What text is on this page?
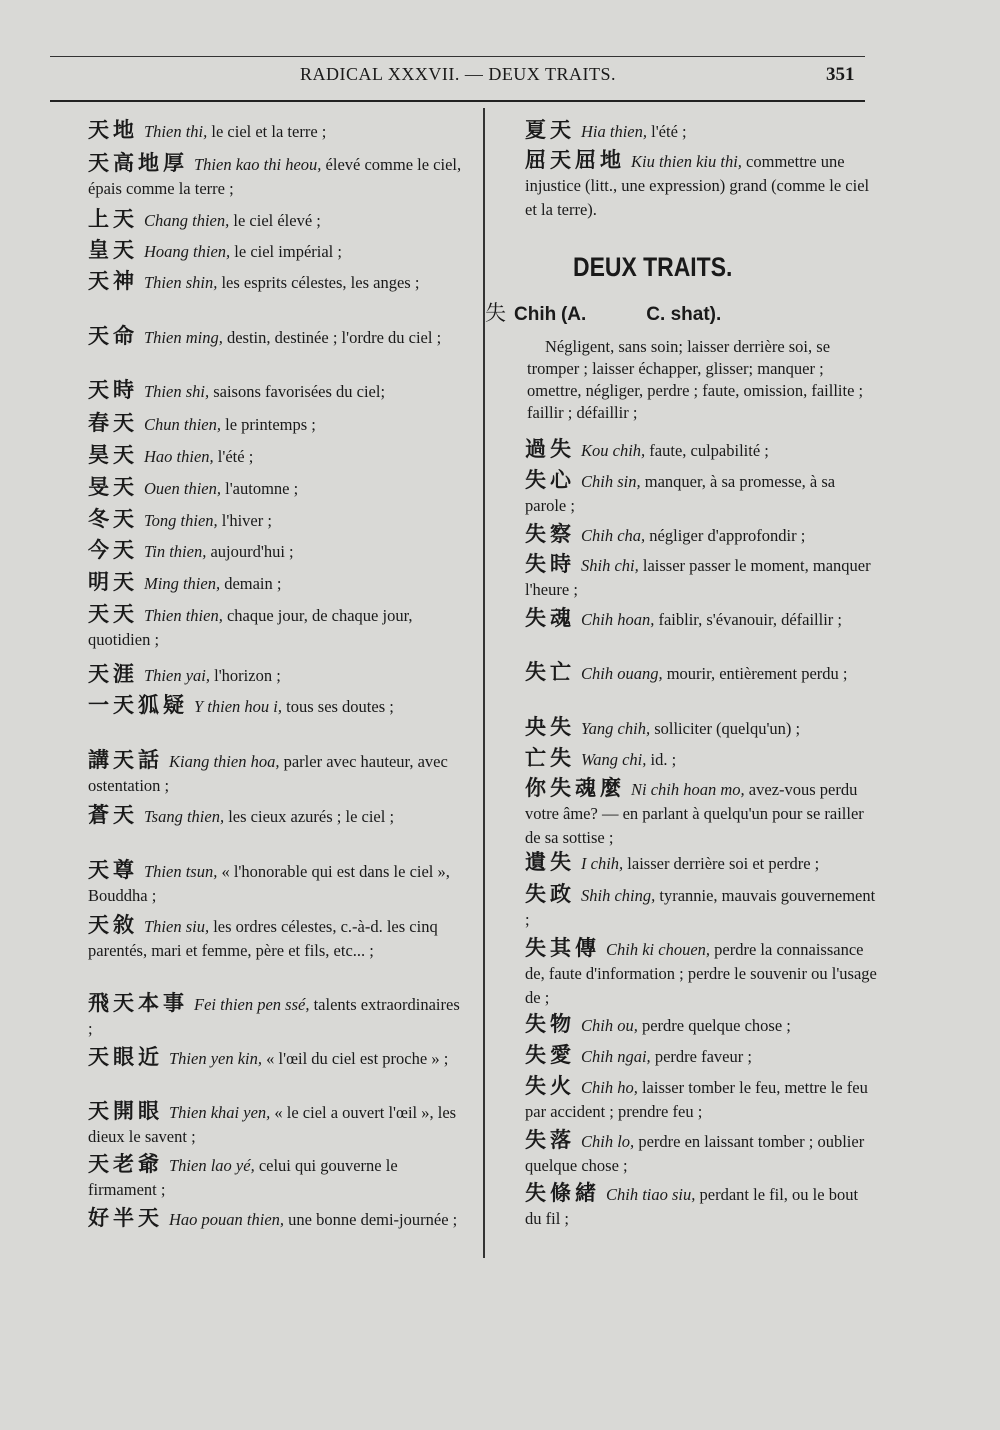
RADICAL XXXVII. — DEUX TRAITS.	351
天地 Thien thi, le ciel et la terre ;
天高地厚 Thien kao thi heou, élevé comme le ciel, épais comme la terre ;
上天 Chang thien, le ciel élevé ;
皇天 Hoang thien, le ciel impérial ;
天神 Thien shin, les esprits célestes, les anges ;
天命 Thien ming, destin, destinée ; l'ordre du ciel ;
天時 Thien shi, saisons favorisées du ciel;
春天 Chun thien, le printemps ;
昊天 Hao thien, l'été ;
旻天 Ouen thien, l'automne ;
冬天 Tong thien, l'hiver ;
今天 Tin thien, aujourd'hui ;
明天 Ming thien, demain ;
天天 Thien thien, chaque jour, de chaque jour, quotidien ;
天涯 Thien yai, l'horizon ;
一天狐疑 Y thien hou i, tous ses doutes ;
講天話 Kiang thien hoa, parler avec hauteur, avec ostentation ;
蒼天 Tsang thien, les cieux azurés ; le ciel ;
天尊 Thien tsun, « l'honorable qui est dans le ciel », Bouddha ;
天敘 Thien siu, les ordres célestes, c.-à-d. les cinq parentés, mari et femme, père et fils, etc... ;
飛天本事 Fei thien pen ssé, talents extraordinaires ;
天眼近 Thien yen kin, « l'œil du ciel est proche » ;
天開眼 Thien khai yen, « le ciel a ouvert l'œil », les dieux le savent ;
天老爺 Thien lao yé, celui qui gouverne le firmament ;
好半天 Hao pouan thien, une bonne demi-journée ;
夏天 Hia thien, l'été ;
屈天屈地 Kiu thien kiu thi, commettre une injustice (litt., une expression) grand (comme le ciel et la terre).
DEUX TRAITS.
失 Chih (A.	C. shat).
Négligent, sans soin; laisser derrière soi, se tromper ; laisser échapper, glisser; manquer ; omettre, négliger, perdre ; faute, omission, faillite ; faillir ; défaillir ;
過失 Kou chih, faute, culpabilité ;
失心 Chih sin, manquer, à sa promesse, à sa parole ;
失察 Chih cha, négliger d'approfondir ;
失時 Shih chi, laisser passer le moment, manquer l'heure ;
失魂 Chih hoan, faiblir, s'évanouir, défaillir ;
失亡 Chih ouang, mourir, entièrement perdu ;
央失 Yang chih, solliciter (quelqu'un) ;
亡失 Wang chi, id. ;
你失魂麼 Ni chih hoan mo, avez-vous perdu votre âme? — en parlant à quelqu'un pour se railler de sa sottise ;
遺失 I chih, laisser derrière soi et perdre ;
失政 Shih ching, tyrannie, mauvais gouvernement ;
失其傳 Chih ki chouen, perdre la connaissance de, faute d'information ; perdre le souvenir ou l'usage de ;
失物 Chih ou, perdre quelque chose ;
失愛 Chih ngai, perdre faveur ;
失火 Chih ho, laisser tomber le feu, mettre le feu par accident ; prendre feu ;
失落 Chih lo, perdre en laissant tomber ; oublier quelque chose ;
失條緒 Chih tiao siu, perdant le fil, ou le bout du fil ;
